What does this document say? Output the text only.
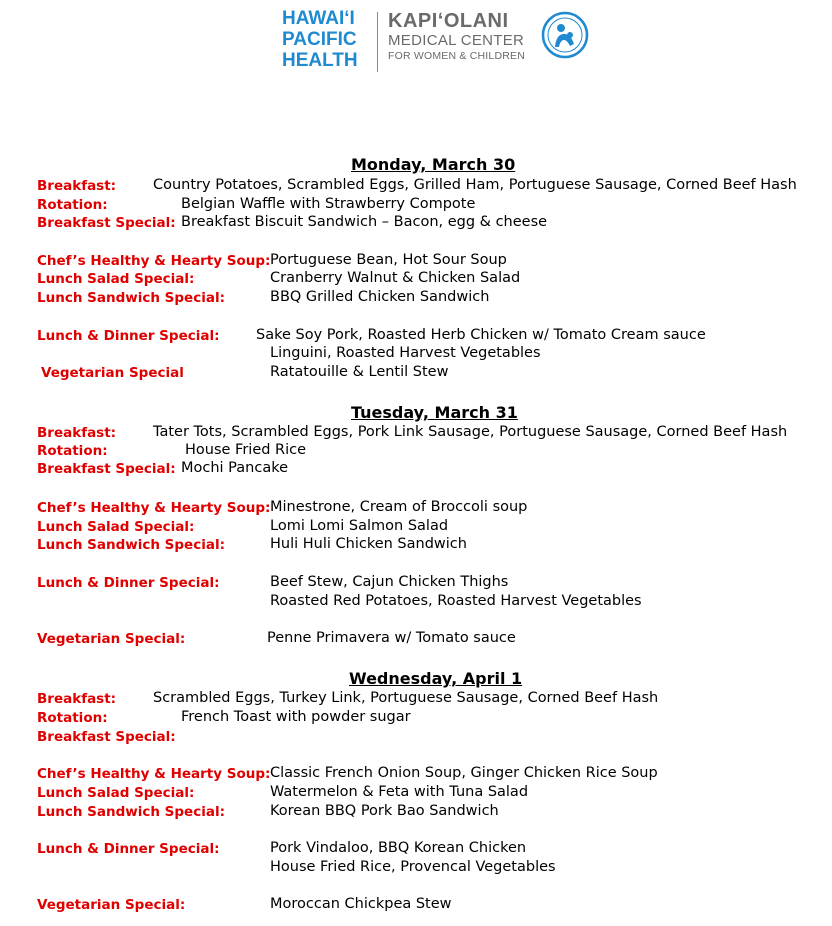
HAWAIʻI
PACIFIC
HEALTH
KAPIʻOLANI
MEDICAL CENTER
FOR WOMEN & CHILDREN
Monday, March 30
Breakfast:	Country Potatoes, Scrambled Eggs, Grilled Ham, Portuguese Sausage, Corned Beef Hash
Rotation:	Belgian Waffle with Strawberry Compote
Breakfast Special: Breakfast Biscuit Sandwich – Bacon, egg & cheese
Chef’s Healthy & Hearty Soup: Portuguese Bean, Hot Sour Soup
Lunch Salad Special:	Cranberry Walnut & Chicken Salad
Lunch Sandwich Special:	BBQ Grilled Chicken Sandwich
Lunch & Dinner Special:	Sake Soy Pork, Roasted Herb Chicken w/ Tomato Cream sauce
Linguini, Roasted Harvest Vegetables
Vegetarian Special	Ratatouille & Lentil Stew
Tuesday, March 31
Breakfast:	Tater Tots, Scrambled Eggs, Pork Link Sausage, Portuguese Sausage, Corned Beef Hash
Rotation:	House Fried Rice
Breakfast Special: Mochi Pancake
Chef’s Healthy & Hearty Soup: Minestrone, Cream of Broccoli soup
Lunch Salad Special:	Lomi Lomi Salmon Salad
Lunch Sandwich Special:	Huli Huli Chicken Sandwich
Lunch & Dinner Special:	Beef Stew, Cajun Chicken Thighs
Roasted Red Potatoes, Roasted Harvest Vegetables
Vegetarian Special:	Penne Primavera w/ Tomato sauce
Wednesday, April 1
Breakfast:	Scrambled Eggs, Turkey Link, Portuguese Sausage, Corned Beef Hash
Rotation:	French Toast with powder sugar
Breakfast Special:
Chef’s Healthy & Hearty Soup: Classic French Onion Soup, Ginger Chicken Rice Soup
Lunch Salad Special:	Watermelon & Feta with Tuna Salad
Lunch Sandwich Special:	Korean BBQ Pork Bao Sandwich
Lunch & Dinner Special:	Pork Vindaloo, BBQ Korean Chicken
House Fried Rice, Provencal Vegetables
Vegetarian Special:	Moroccan Chickpea Stew
